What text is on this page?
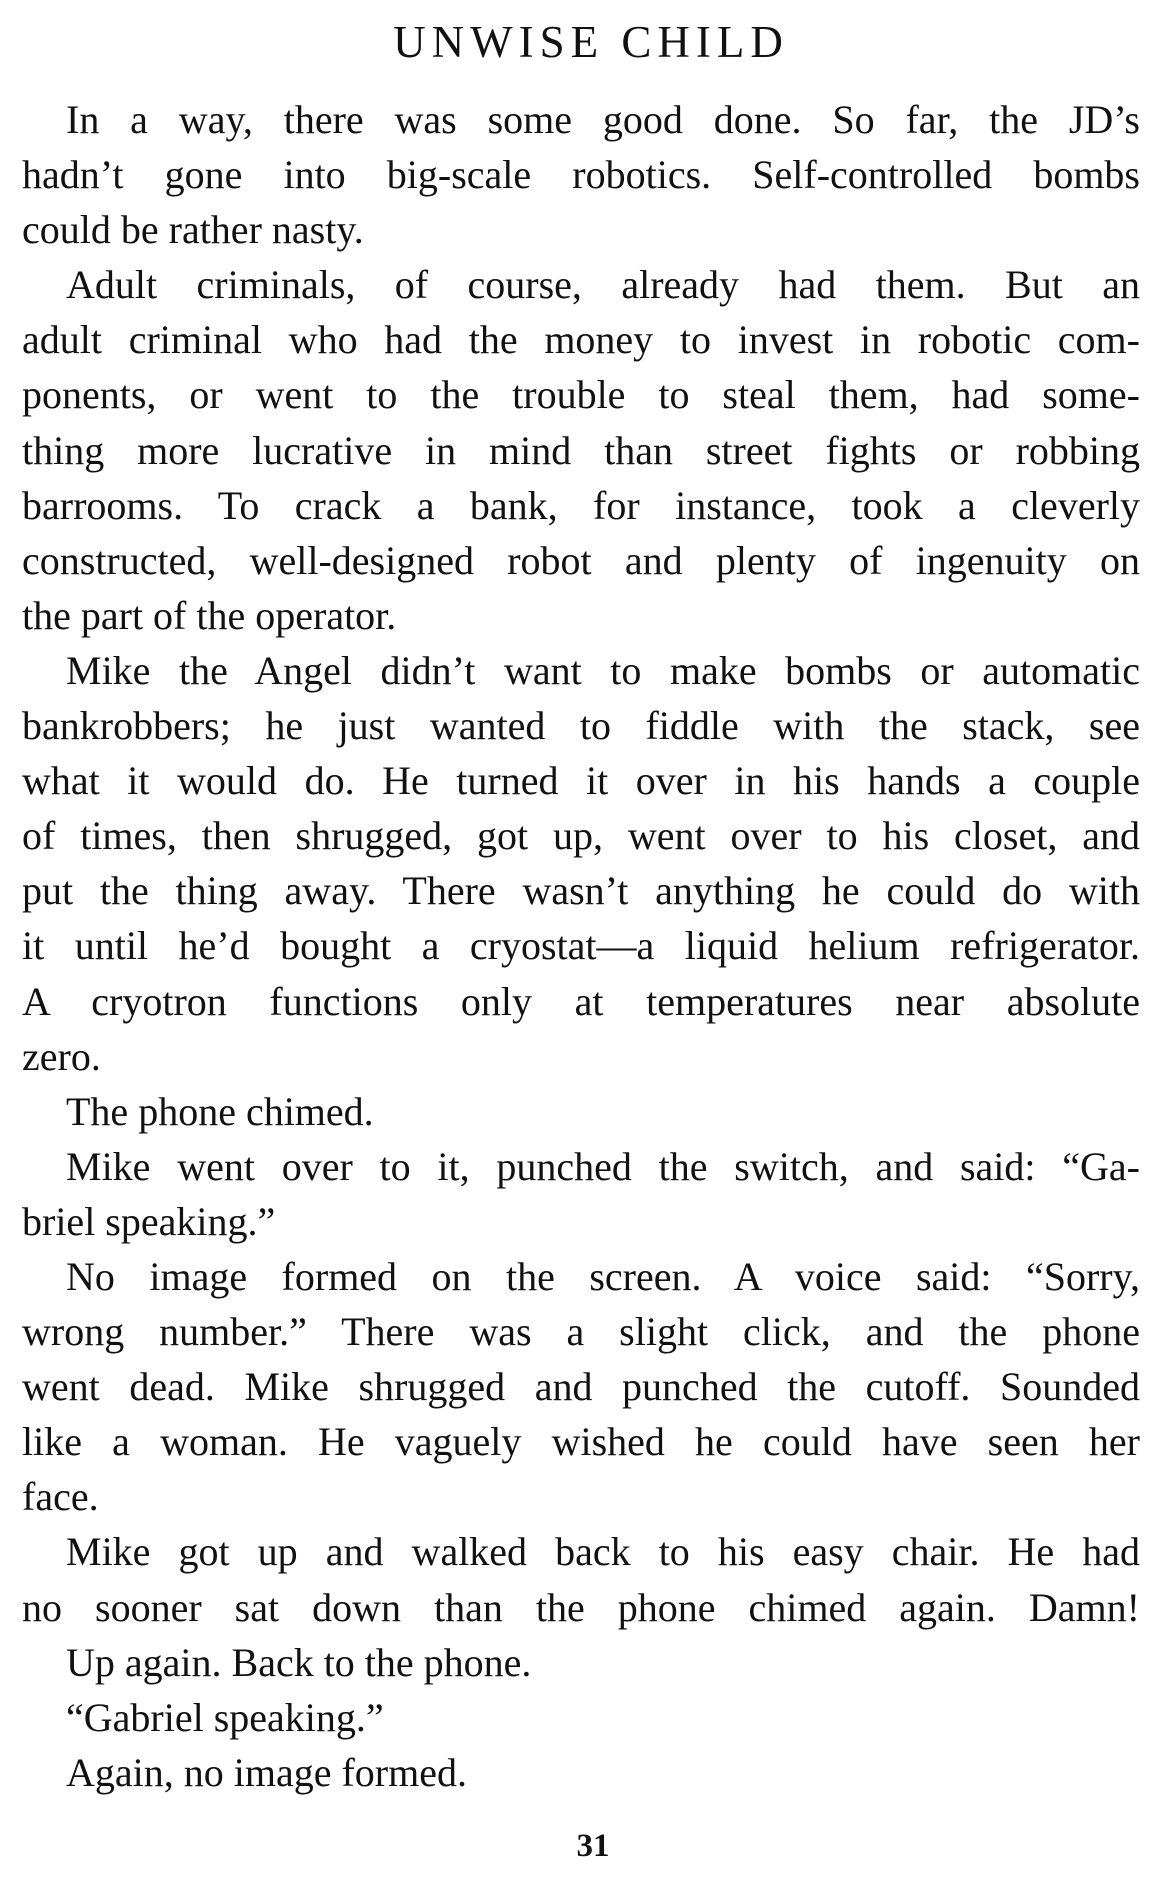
UNWISE CHILD
In a way, there was some good done. So far, the JD’s
hadn’t gone into big-scale robotics. Self-controlled bombs
could be rather nasty.
Adult criminals, of course, already had them. But an
adult criminal who had the money to invest in robotic com-
ponents, or went to the trouble to steal them, had some-
thing more lucrative in mind than street fights or robbing
barrooms. To crack a bank, for instance, took a cleverly
constructed, well-designed robot and plenty of ingenuity on
the part of the operator.
Mike the Angel didn’t want to make bombs or automatic
bankrobbers; he just wanted to fiddle with the stack, see
what it would do. He turned it over in his hands a couple
of times, then shrugged, got up, went over to his closet, and
put the thing away. There wasn’t anything he could do with
it until he’d bought a cryostat—a liquid helium refrigerator.
A cryotron functions only at temperatures near absolute
zero.
The phone chimed.
Mike went over to it, punched the switch, and said: “Ga-
briel speaking.”
No image formed on the screen. A voice said: “Sorry,
wrong number.” There was a slight click, and the phone
went dead. Mike shrugged and punched the cutoff. Sounded
like a woman. He vaguely wished he could have seen her
face.
Mike got up and walked back to his easy chair. He had
no sooner sat down than the phone chimed again. Damn!
Up again. Back to the phone.
“Gabriel speaking.”
Again, no image formed.
31
